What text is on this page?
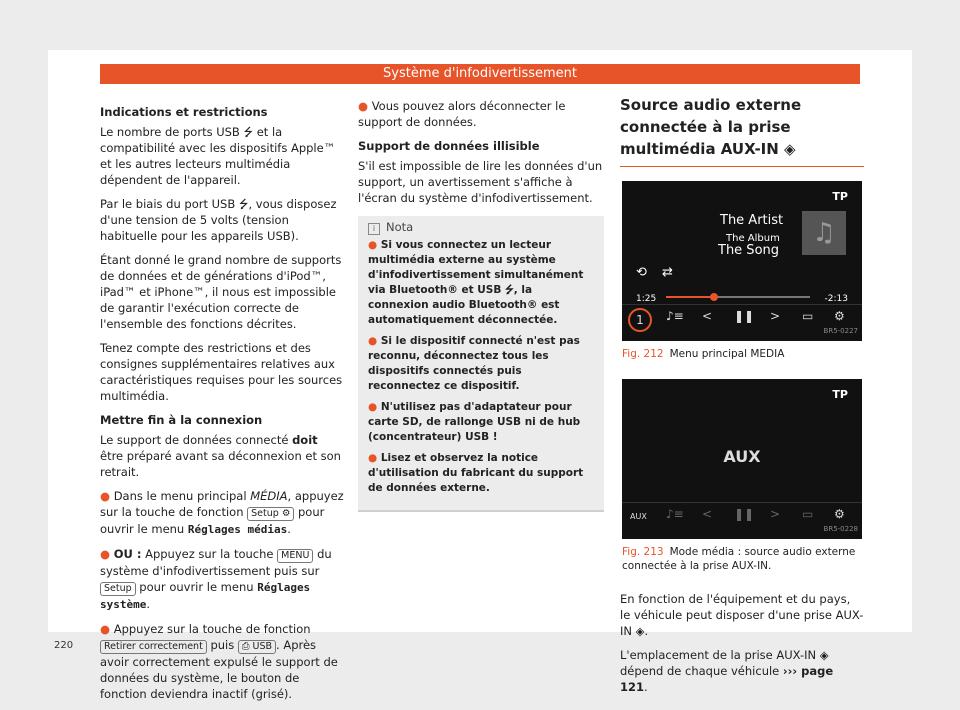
Système d'infodivertissement
Indications et restrictions

Le nombre de ports USB ⭍ et la compatibilité avec les dispositifs Apple™ et les autres lecteurs multimédia dépendent de l'appareil.

Par le biais du port USB ⭍, vous disposez d'une tension de 5 volts (tension habituelle pour les appareils USB).

Étant donné le grand nombre de supports de données et de générations d'iPod™, iPad™ et iPhone™, il nous est impossible de garantir l'exécution correcte de l'ensemble des fonctions décrites.

Tenez compte des restrictions et des consignes supplémentaires relatives aux caractéristiques requises pour les sources multimédia.

Mettre fin à la connexion

Le support de données connecté doit être préparé avant sa déconnexion et son retrait.

● Dans le menu principal MÉDIA, appuyez sur la touche de fonction Setup ⚙ pour ouvrir le menu Réglages médias.

● OU : Appuyez sur la touche MENU du système d'infodivertissement puis sur Setup pour ouvrir le menu Réglages système.

● Appuyez sur la touche de fonction Retirer correctement puis ⎙ USB . Après avoir correctement expulsé le support de données du système, le bouton de fonction deviendra inactif (grisé).

● Vous pouvez alors déconnecter le support de données.

Support de données illisible

S'il est impossible de lire les données d'un support, un avertissement s'affiche à l'écran du système d'infodivertissement.

i Nota

● Si vous connectez un lecteur multimédia externe au système d'infodivertissement simultanément via Bluetooth® et USB ⭍, la connexion audio Bluetooth® est automatiquement déconnectée.

● Si le dispositif connecté n'est pas reconnu, déconnectez tous les dispositifs connectés puis reconnectez ce dispositif.

● N'utilisez pas d'adaptateur pour carte SD, de rallonge USB ni de hub (concentrateur) USB !

● Lisez et observez la notice d'utilisation du fabricant du support de données externe.

Source audio externe connectée à la prise multimédia AUX-IN ◈
TP
The Artist
The Album
The Song
♫
⟲ ⇄
1:25	-2:13
1	♪≡ < ❚❚ > ▭ ⚙
BR5-0227
Fig. 212 Menu principal MEDIA
TP
AUX
AUX ♪≡ < ❚❚ > ▭ ⚙
BR5-0228
Fig. 213 Mode média : source audio externe connectée à la prise AUX-IN.

En fonction de l'équipement et du pays, le véhicule peut disposer d'une prise AUX-IN ◈.

L'emplacement de la prise AUX-IN ◈ dépend de chaque véhicule ››› page 121.

220
